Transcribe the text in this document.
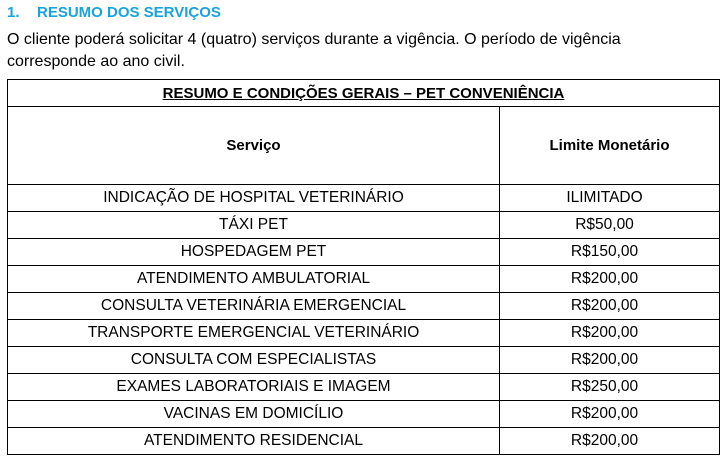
1. RESUMO DOS SERVIÇOS
O cliente poderá solicitar 4 (quatro) serviços durante a vigência. O período de vigência corresponde ao ano civil.
RESUMO E CONDIÇÕES GERAIS – PET CONVENIÊNCIA	
Serviço	Limite Monetário
INDICAÇÃO DE HOSPITAL VETERINÁRIO	ILIMITADO
TÁXI PET	R$50,00
HOSPEDAGEM PET	R$150,00
ATENDIMENTO AMBULATORIAL	R$200,00
CONSULTA VETERINÁRIA EMERGENCIAL	R$200,00
TRANSPORTE EMERGENCIAL VETERINÁRIO	R$200,00
CONSULTA COM ESPECIALISTAS	R$200,00
EXAMES LABORATORIAIS E IMAGEM	R$250,00
VACINAS EM DOMICÍLIO	R$200,00
ATENDIMENTO RESIDENCIAL	R$200,00
